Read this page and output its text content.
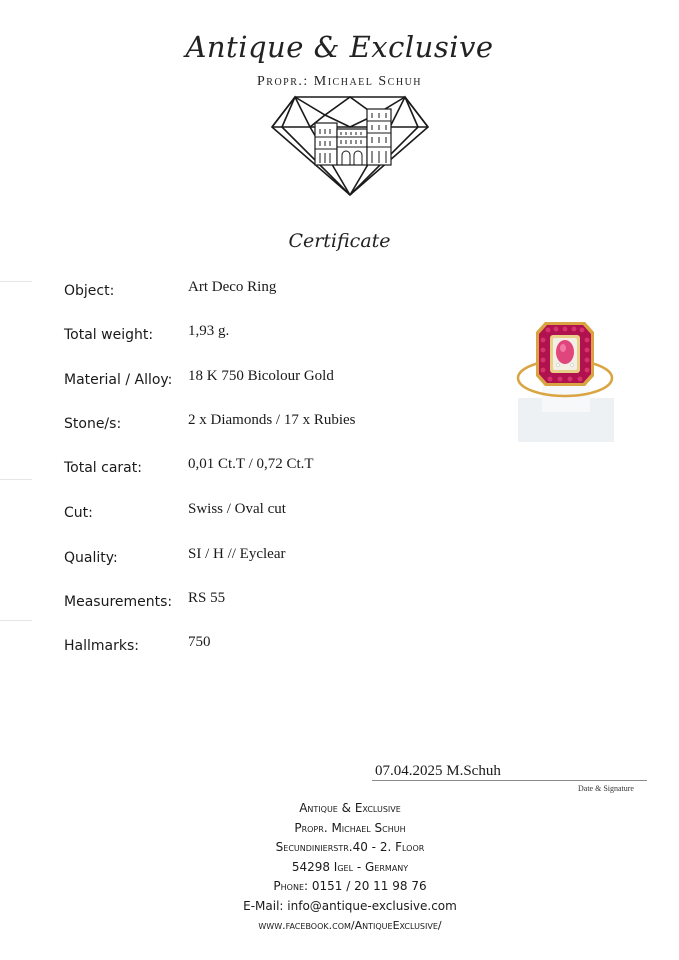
Antique & Exclusive
Propr.: Michael Schuh
Certificate
Object:	Art Deco Ring
Total weight: 1,93 g.
Material / Alloy: 18 K 750 Bicolour Gold
Stone/s:	2 x Diamonds / 17 x Rubies
Total carat:	0,01 Ct.T / 0,72 Ct.T
Cut:	Swiss / Oval cut
Quality:	SI / H // Eyclear
Measurements: RS 55
Hallmarks:	750
07.04.2025 M.Schuh
Date & Signature
Antique & Exclusive
Propr. Michael Schuh
Secundinierstr.40 - 2. Floor
54298 Igel - Germany
Phone: 0151 / 20 11 98 76
E-Mail: info@antique-exclusive.com
www.facebook.com/AntiqueExclusive/
